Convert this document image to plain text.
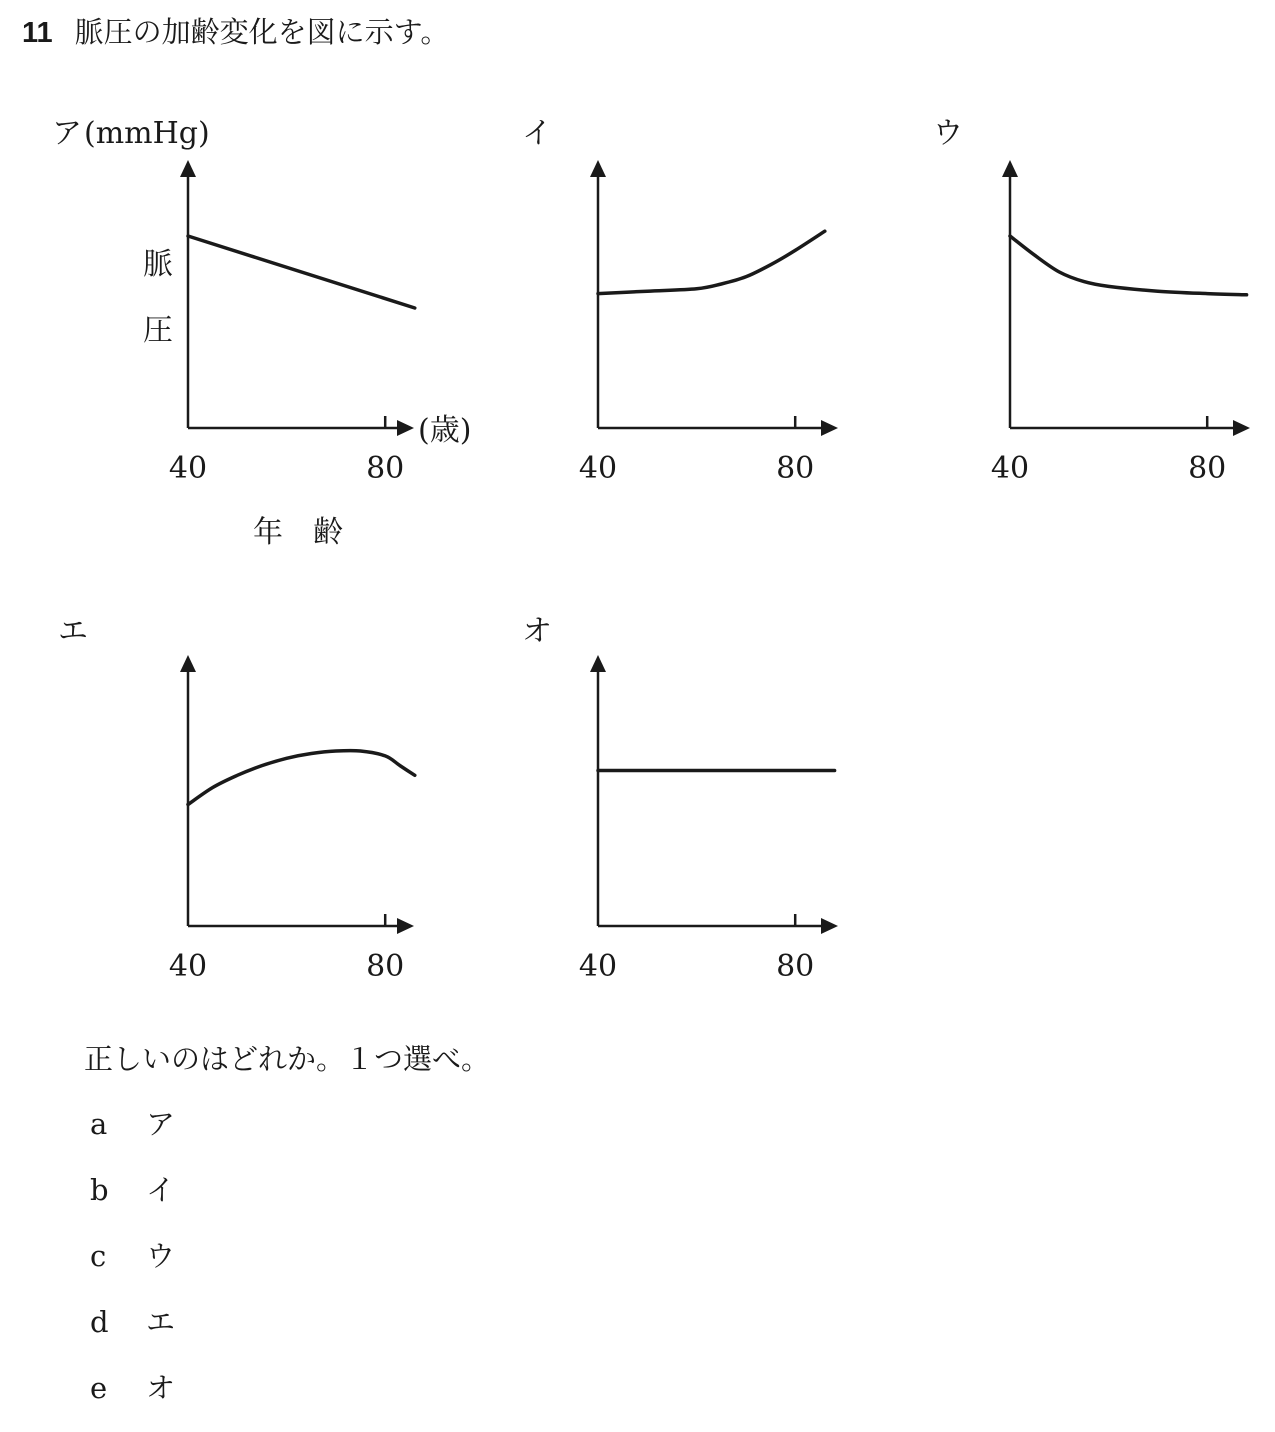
11 脈圧の加齢変化を図に示す。
ア (mmHg)
40	80
(歳)
脈
圧
年　齢
イ
40	80
ウ
40	80
エ
40	80
オ
40	80
正しいのはどれか。１つ選べ。
a ア
b イ
c ウ
d エ
e オ
